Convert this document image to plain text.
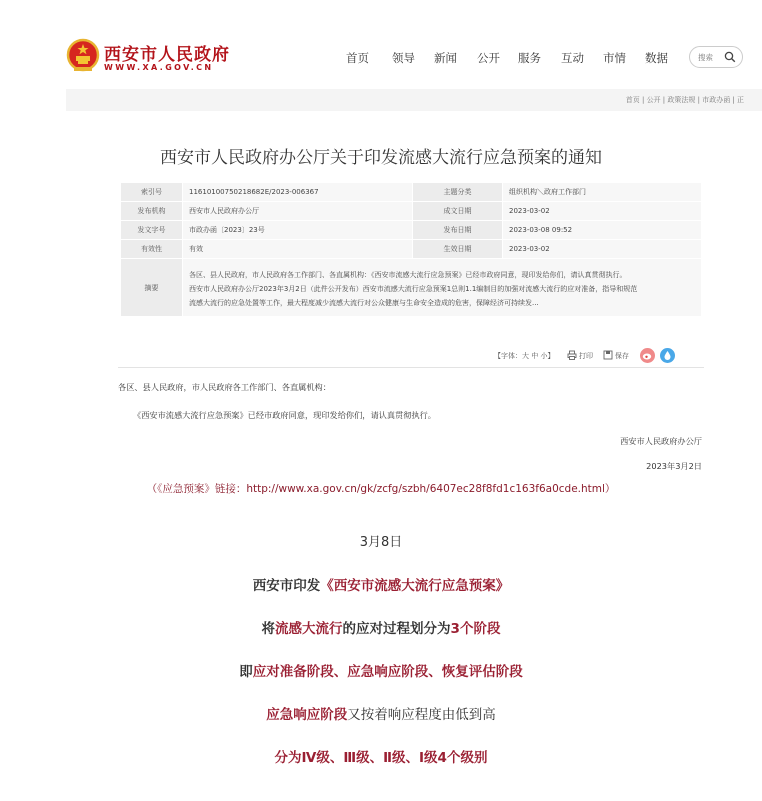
西安市人民政府
WWW.XA.GOV.CN
首页 领导 新闻 公开 服务 互动 市情 数据
搜索
首页 | 公开 | 政策法规 | 市政办函 | 正
西安市人民政府办公厅关于印发流感大流行应急预案的通知
索引号	11610100750218682E/2023-006367	主题分类	组织机构＼政府工作部门
发布机构	西安市人民政府办公厅	成文日期	2023-03-02
发文字号	市政办函〔2023〕23号	发布日期	2023-03-08 09:52
有效性	有效	生效日期	2023-03-02
摘要	各区、县人民政府，市人民政府各工作部门、各直属机构：《西安市流感大流行应急预案》已经市政府同意，现印发给你们，请认真贯彻执行。
西安市人民政府办公厅2023年3月2日（此件公开发布）西安市流感大流行应急预案1总则1.1编制目的加强对流感大流行的应对准备，指导和规范
流感大流行的应急处置等工作，最大程度减少流感大流行对公众健康与生命安全造成的危害，保障经济可持续发...		
【字体：大 中 小】	打印	保存
各区、县人民政府，市人民政府各工作部门、各直属机构：
《西安市流感大流行应急预案》已经市政府同意，现印发给你们，请认真贯彻执行。
西安市人民政府办公厅
2023年3月2日
（《应急预案》链接：http://www.xa.gov.cn/gk/zcfg/szbh/6407ec28f8fd1c163f6a0cde.html）
3月8日
西安市印发《西安市流感大流行应急预案》
将流感大流行的应对过程划分为3个阶段
即应对准备阶段、应急响应阶段、恢复评估阶段
应急响应阶段又按着响应程度由低到高
分为Ⅳ级、Ⅲ级、Ⅱ级、Ⅰ级4个级别
